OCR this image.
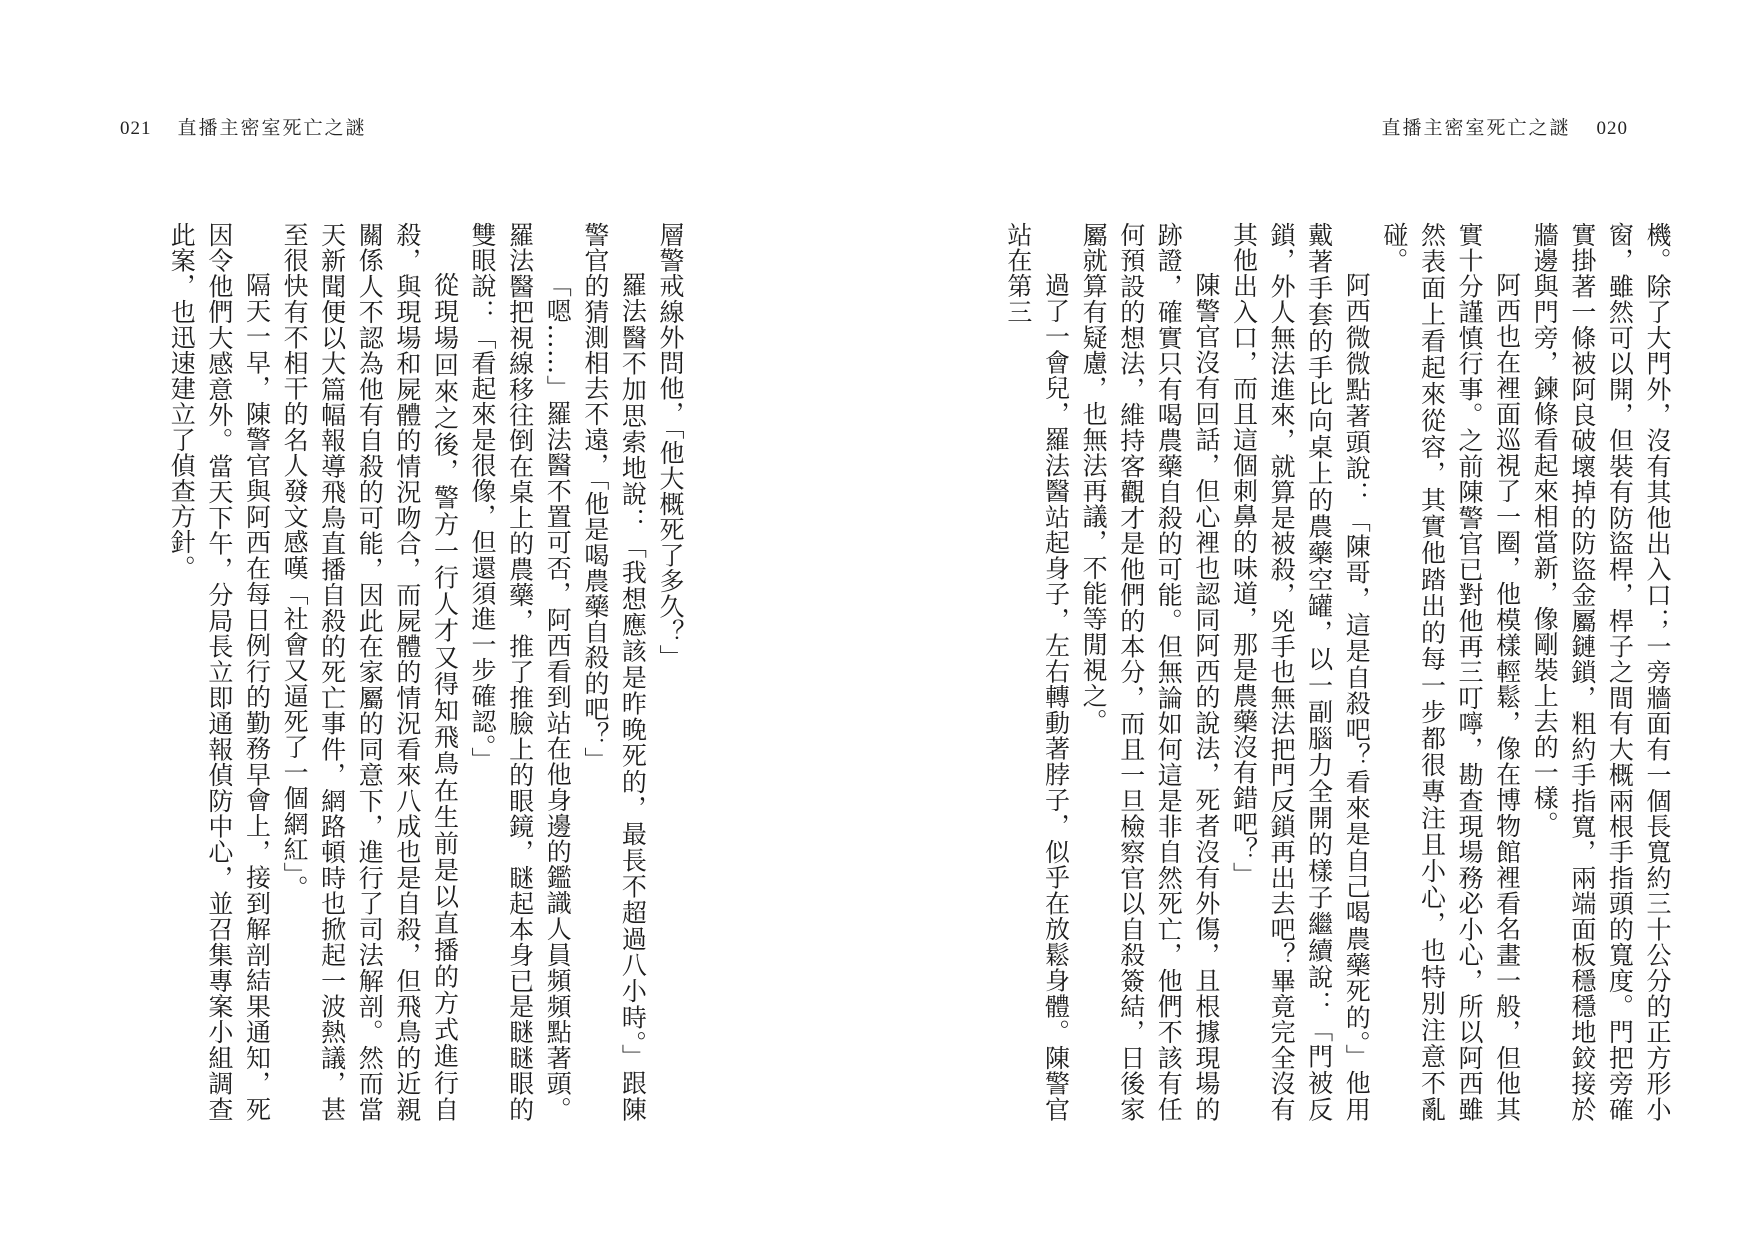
021 直播主密室死亡之謎

層警戒線外問他，「他大概死了多久？」

羅法醫不加思索地說：「我想應該是昨晚死的，最長不超過八小時。」跟陳警官的猜測相去不遠，「他是喝農藥自殺的吧？」

「嗯……」羅法醫不置可否，阿西看到站在他身邊的鑑識人員頻頻點著頭。羅法醫把視線移往倒在桌上的農藥，推了推臉上的眼鏡，瞇起本身已是瞇瞇眼的雙眼說：「看起來是很像，但還須進一步確認。」

從現場回來之後，警方一行人才又得知飛鳥在生前是以直播的方式進行自殺，與現場和屍體的情況吻合，而屍體的情況看來八成也是自殺，但飛鳥的近親關係人不認為他有自殺的可能，因此在家屬的同意下，進行了司法解剖。然而當天新聞便以大篇幅報導飛鳥直播自殺的死亡事件，網路頓時也掀起一波熱議，甚至很快有不相干的名人發文感嘆「社會又逼死了一個網紅」。

隔天一早，陳警官與阿西在每日例行的勤務早會上，接到解剖結果通知，死因令他們大感意外。當天下午，分局長立即通報偵防中心，並召集專案小組調查此案，也迅速建立了偵查方針。

直播主密室死亡之謎 020

機。除了大門外，沒有其他出入口；一旁牆面有一個長寬約三十公分的正方形小窗，雖然可以開，但裝有防盜桿，桿子之間有大概兩根手指頭的寬度。門把旁確實掛著一條被阿良破壞掉的防盜金屬鏈鎖，粗約手指寬，兩端面板穩穩地鉸接於牆邊與門旁，鍊條看起來相當新，像剛裝上去的一樣。

阿西也在裡面巡視了一圈，他模樣輕鬆，像在博物館裡看名畫一般，但他其實十分謹慎行事。之前陳警官已對他再三叮嚀，勘查現場務必小心，所以阿西雖然表面上看起來從容，其實他踏出的每一步都很專注且小心，也特別注意不亂碰。

阿西微微點著頭說：「陳哥，這是自殺吧？看來是自己喝農藥死的。」他用戴著手套的手比向桌上的農藥空罐，以一副腦力全開的樣子繼續說：「門被反鎖，外人無法進來，就算是被殺，兇手也無法把門反鎖再出去吧？畢竟完全沒有其他出入口，而且這個刺鼻的味道，那是農藥沒有錯吧？」

陳警官沒有回話，但心裡也認同阿西的說法，死者沒有外傷，且根據現場的跡證，確實只有喝農藥自殺的可能。但無論如何這是非自然死亡，他們不該有任何預設的想法，維持客觀才是他們的本分，而且一旦檢察官以自殺簽結，日後家屬就算有疑慮，也無法再議，不能等閒視之。

過了一會兒，羅法醫站起身子，左右轉動著脖子，似乎在放鬆身體。陳警官站在第三
